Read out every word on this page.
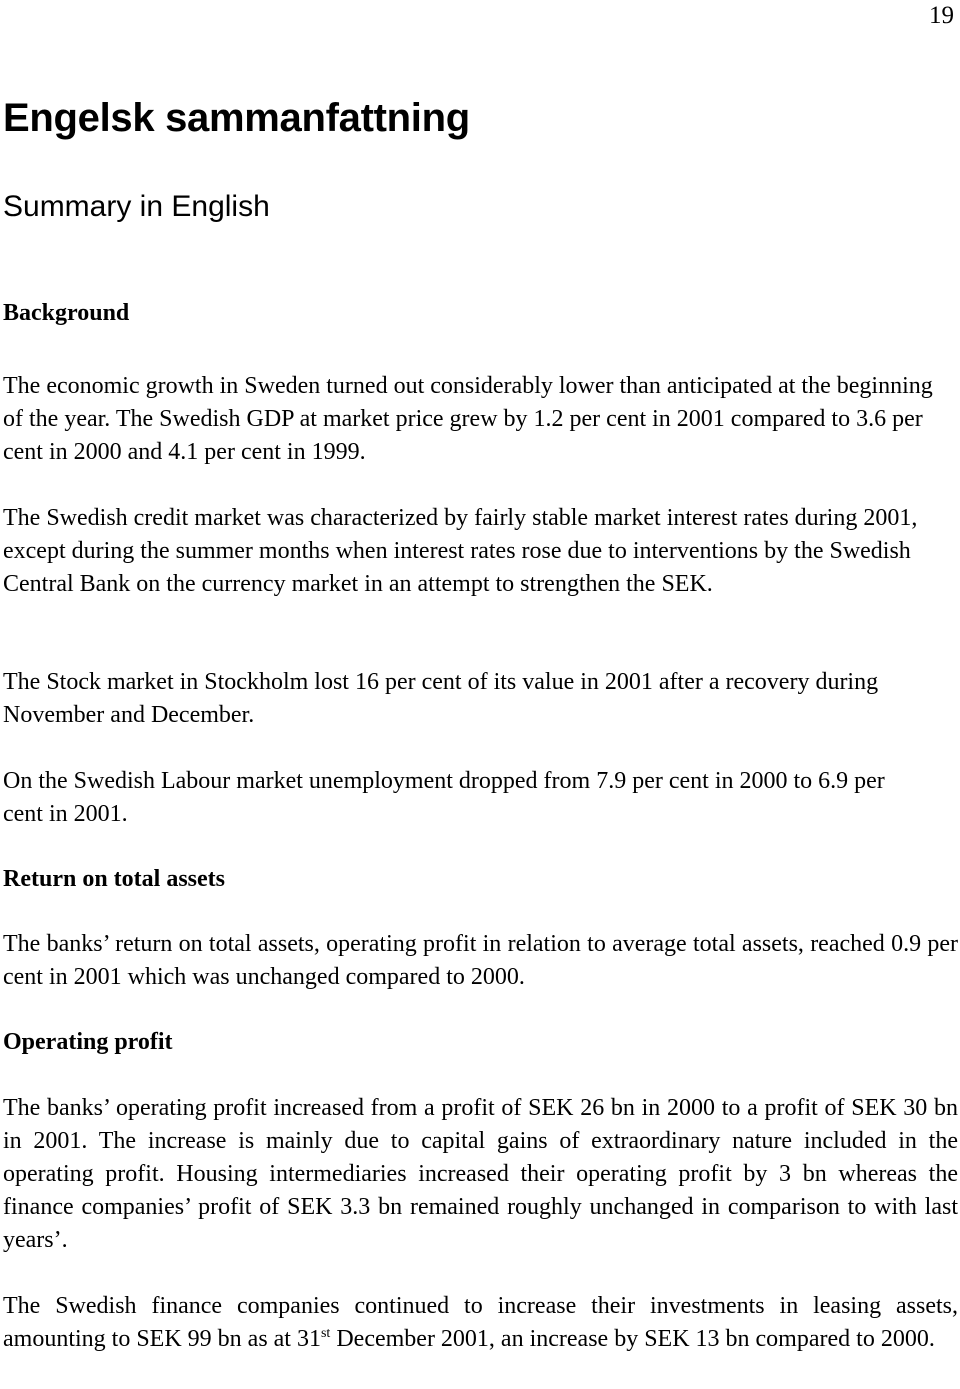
19
Engelsk sammanfattning
Summary in English
Background

The economic growth in Sweden turned out considerably lower than anticipated at the beginning of the year. The Swedish GDP at market price grew by 1.2 per cent in 2001 compared to 3.6 per cent in 2000 and 4.1 per cent in 1999.

The Swedish credit market was characterized by fairly stable market interest rates during 2001, except during the summer months when interest rates rose due to interventions by the Swedish Central Bank on the currency market in an attempt to strengthen the SEK.

The Stock market in Stockholm lost 16 per cent of its value in 2001 after a recovery during November and December.

On the Swedish Labour market unemployment dropped from 7.9 per cent in 2000 to 6.9 per cent in 2001.

Return on total assets

The banks’ return on total assets, operating profit in relation to average total assets, reached 0.9 per cent in 2001 which was unchanged compared to 2000.

Operating profit

The banks’ operating profit increased from a profit of SEK 26 bn in 2000 to a profit of SEK 30 bn in 2001. The increase is mainly due to capital gains of extraordinary nature included in the operating profit. Housing intermediaries increased their operating profit by 3 bn whereas the finance companies’ profit of SEK 3.3 bn remained roughly unchanged in comparison to with last years’.

The Swedish finance companies continued to increase their investments in leasing assets, amounting to SEK 99 bn as at 31st December 2001, an increase by SEK 13 bn compared to 2000.
